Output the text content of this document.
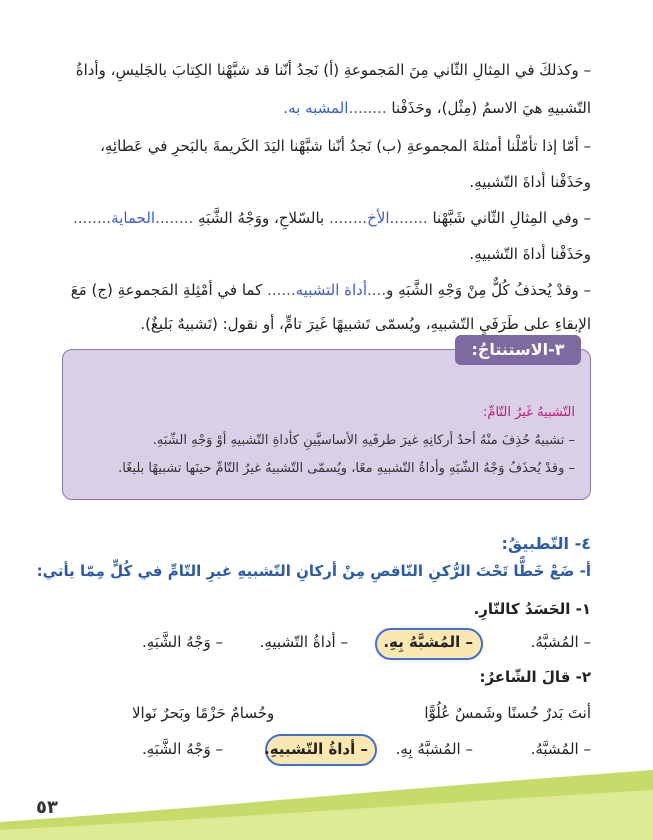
– وكذلكَ في المِثالِ الثّاني مِنَ المَجموعةِ (أ) نَجدُ أنّنا قد شبَّهْنا الكِتابَ بالجَليسِ، وأداةُ
التّشبيهِ هيَ الاسمُ (مِثْل)، وحَذَفْنا ........المشبه به.
– أمّا إذا تأمّلْنا أمثلةَ المجموعةِ (ب) نَجدُ أنّنا شبَّهْنا اليَدَ الكَريمةَ بالبَحرِ في عَطائِهِ،
وحَذَفْنا أداةَ التّشبيهِ.
– وفي المِثالِ الثّاني شَبَّهْنا ........الأخ........ بالسّلاحِ، ووَجْهُ الشَّبَهِ ........الحماية........
وحَذَفْنا أداةَ التّشبيهِ.
– وقدْ يُحذفُ كُلٌّ مِنْ وَجْهِ الشَّبَهِ و....أداة التشبيه...... كما في أمْثِلةِ المَجموعةِ (ج) مَعَ
الإبقاءِ على طَرَفَيِ التّشبيهِ، ويُسمّى تَشبيهًا غَيرَ تامٍّ، أو نقول: (تَشبيهٌ بَليغٌ).
٣-الاستنتاجُ:
التّشبيهُ غَيرُ التّامِّ:
– تشبيهٌ حُذِفَ منْهُ أحدُ أركانِهِ غيرَ طرفَيهِ الأساسيَّينِ كأداةِ التّشبيهِ أوْ وَجْهِ الشّبَهِ.
– وقدْ يُحذَفُ وَجْهُ الشّبَهِ وأداةُ التّشبيهِ معًا، ويُسمّى التّشبيهُ غيرُ التّامِّ حينَها تشبيهًا بليغًا.
٤- التّطبيقُ:
أ- ضَعْ خَطًّا تَحْتَ الرُّكنِ النّاقصِ مِنْ أركانِ التّشبيهِ غيرِ التّامِّ في كُلٍّ مِمّا يأتي:
١- الحَسَدُ كالنّارِ.
– المُشبَّهُ.
– المُشبَّهُ بِهِ.
– أداةُ التّشبيهِ.
– وَجْهُ الشَّبَهِ.
٢- قالَ الشّاعرُ:
أنتَ بَدرٌ حُسنًا وشَمسٌ عُلُوًّا
وحُسامٌ حَزْمًا وبَحرٌ نَوالا
– المُشبَّهُ.
– المُشبَّهُ بِهِ.
– أداةُ التّشبيهِ.
– وَجْهُ الشَّبَهِ.
٥٣
